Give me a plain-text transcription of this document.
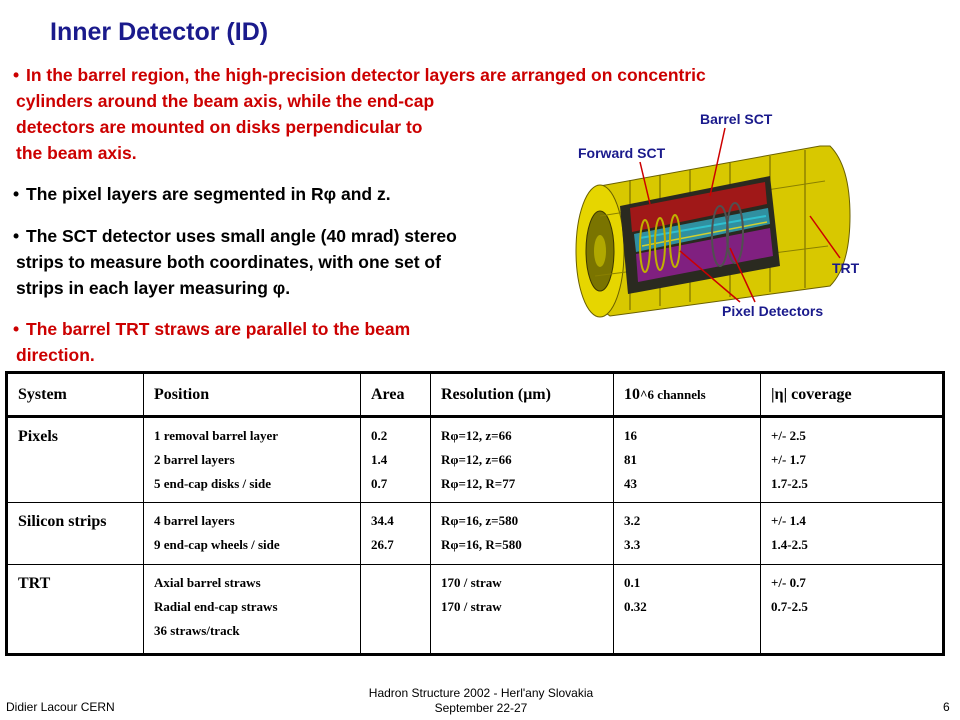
Inner Detector (ID)
• In the barrel region, the high-precision detector layers are arranged on concentric
cylinders around the beam axis, while the end-cap
detectors are mounted on disks perpendicular to
the beam axis.
• The pixel layers are segmented in Rφ and z.
• The SCT detector uses small angle (40 mrad) stereo
strips to measure both coordinates, with one set of
strips in each layer measuring φ.
• The barrel TRT straws are parallel to the beam
direction.
Barrel SCT
Forward SCT
TRT
Pixel Detectors
System	Position	Area	Resolution (μm)	10^6 channels	|η| coverage
Pixels	1 removal barrel layer
2 barrel layers
5 end-cap disks / side	0.2
1.4
0.7	Rφ=12, z=66
Rφ=12, z=66
Rφ=12, R=77	16
81
43	+/- 2.5
+/- 1.7
1.7-2.5

Silicon strips	4 barrel layers
9 end-cap wheels / side	34.4
26.7	Rφ=16, z=580
Rφ=16, R=580	3.2
3.3	+/- 1.4
1.4-2.5

TRT	Axial barrel straws
Radial end-cap straws
36 straws/track		170 / straw
170 / straw	0.1
0.32	+/- 0.7
0.7-2.5
Didier Lacour CERN
Hadron Structure 2002 - Herl'any Slovakia
September 22-27	6
